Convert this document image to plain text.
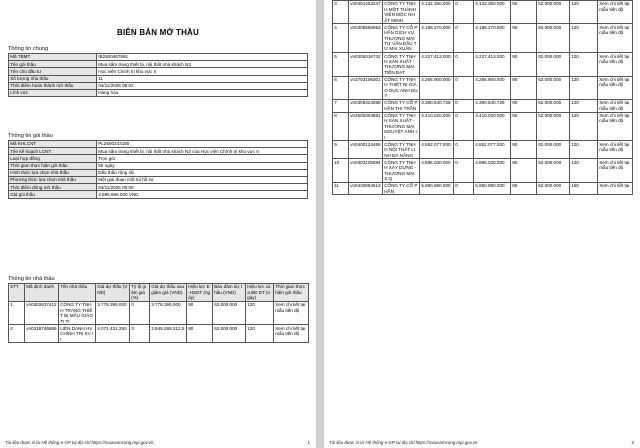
BIÊN BẢN MỞ THẦU
Thông tin chung
Mã TBMT	IB2500467891
Tên gói thầu	Mua sắm trang thiết bị, nội thất nhà khách N3
Tên chủ đầu tư	Học viện Chính trị khu vực II
Số lượng nhà thầu	11
Thời điểm hoàn thành mở thầu	04/11/2025 09:02
Lĩnh vực	Hàng hóa
Thông tin gói thầu
Mã KHLCNT	PL2500243180
Tên kế hoạch LCNT	Mua sắm trang thiết bị, nội thất nhà khách N3 của Học viện Chính trị khu vực II
Loại hợp đồng	Trọn gói
Thời gian thực hiện gói thầu	50 ngày
Hình thức lựa chọn nhà thầu	Đấu thầu rộng rãi
Phương thức lựa chọn nhà thầu	Một giai đoạn một túi hồ sơ
Thời điểm đóng mở thầu	04/11/2025 09:00
Giá gói thầu	4.885.666.000 VND
Thông tin nhà thầu
STT	Mã định danh	Tên nhà thầu	Giá dự thầu (VND)	Tỷ lệ giảm giá (%)	Giá dự thầu sau giảm giá (VND)	Hiệu lực E-HSDT (ngày)	Bảo đảm dự thầu (VND)	Hiệu lực của BĐ DT (ngày)	Thời gian thực hiện gói thầu
1	vn0302637412	CÔNG TY TNHH TRANG THIẾT BỊ MẪU GIÁO TI TI	3.778.395.000	0	3.778.395.000	90	62.000.000	120	Xem chi tiết tại mẫu tiến độ
2	vn0318746886	LIÊN DANH HV CHÍNH TRỊ KV II	4.071.431.250	3	3.949.288.312,5	90	62.000.000	120	Xem chi tiết tại mẫu tiến độ
Tài liệu được in từ Hệ thống e-GP tại địa chỉ https://muasamcong.mpi.gov.vn.	1
3	vn0401453247	CÔNG TY TNHH MỘT THÀNH VIÊN MỘC NHẬT MINH	4.132.350.000	0	4.132.350.000	90	62.000.000	120	Xem chi tiết tại mẫu tiến độ
4	vn0305566953	CÔNG TY CỔ PHẦN DỊCH VỤ THƯƠNG MẠI TƯ VẤN ĐẦU TƯ MAI XUÂN	4.198.270.000	0	4.198.270.000	90	62.000.000	120	Xem chi tiết tại mẫu tiến độ
5	vn0305316742	CÔNG TY TNHH SẢN XUẤT - THƯƠNG MẠI TIẾN ĐẠT	4.227.413.000	0	4.227.413.000	90	62.000.000	120	Xem chi tiết tại mẫu tiến độ
6	vn3703106301	CÔNG TY TNHH THIẾT BỊ GIÁO DỤC ANH DUY	4.266.900.000	0	4.266.900.000	90	62.000.000	120	Xem chi tiết tại mẫu tiến độ
7	vn0309424068	CÔNG TY CỔ PHẦN THI TRẦN	4.390.640.728	0	4.390.640.728	90	62.000.000	120	Xem chi tiết tại mẫu tiến độ
8	vn2500304881	CÔNG TY TNHH SẢN XUẤT - THƯƠNG MẠI NGUYỆT ÁNH II	4.410.020.000	0	4.410.020.000	90	62.000.000	120	Xem chi tiết tại mẫu tiến độ
9	vn0400124465	CÔNG TY TNHH NỘI THẤT LINH ĐÀ NẴNG	4.552.077.000	0	4.552.077.000	90	62.000.000	120	Xem chi tiết tại mẫu tiến độ
10	vn0303105594	CÔNG TY TNHH XÂY DỰNG - THƯƠNG MẠI S.Q	4.885.030.000	0	4.885.030.000	90	62.000.000	120	Xem chi tiết tại mẫu tiến độ
11	vn0430894813	CÔNG TY CỔ PHẦN	5.950.980.000	0	5.950.980.000	90	62.000.000	150	Xem chi tiết tại
Tài liệu được in từ Hệ thống e-GP tại địa chỉ https://muasamcong.mpi.gov.vn.	2
